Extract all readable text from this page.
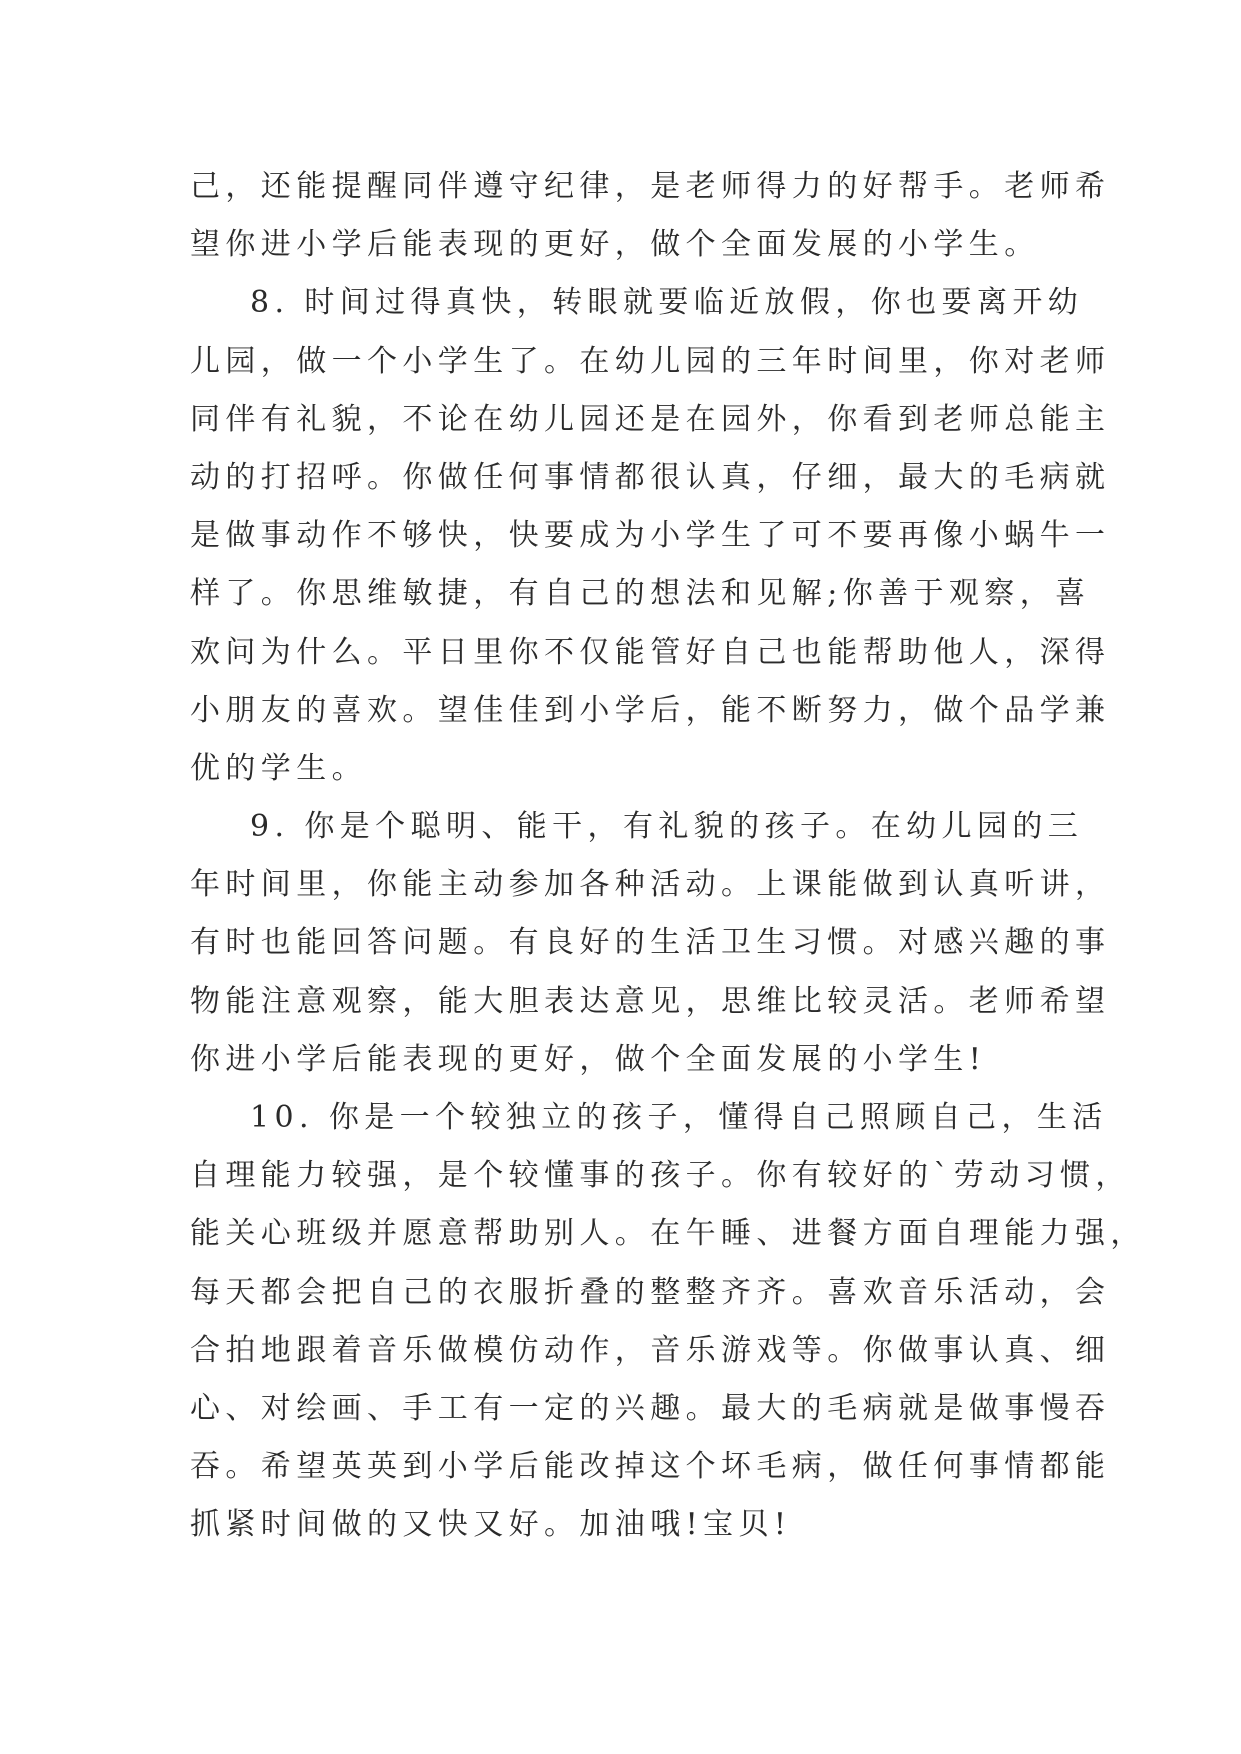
己，还能提醒同伴遵守纪律，是老师得力的好帮手。老师希
望你进小学后能表现的更好，做个全面发展的小学生。
8. 时间过得真快，转眼就要临近放假，你也要离开幼
儿园，做一个小学生了。在幼儿园的三年时间里，你对老师
同伴有礼貌，不论在幼儿园还是在园外，你看到老师总能主
动的打招呼。你做任何事情都很认真，仔细，最大的毛病就
是做事动作不够快，快要成为小学生了可不要再像小蜗牛一
样了。你思维敏捷，有自己的想法和见解;你善于观察，喜
欢问为什么。平日里你不仅能管好自己也能帮助他人，深得
小朋友的喜欢。望佳佳到小学后，能不断努力，做个品学兼
优的学生。
9. 你是个聪明、能干，有礼貌的孩子。在幼儿园的三
年时间里，你能主动参加各种活动。上课能做到认真听讲，
有时也能回答问题。有良好的生活卫生习惯。对感兴趣的事
物能注意观察，能大胆表达意见，思维比较灵活。老师希望
你进小学后能表现的更好，做个全面发展的小学生!
10. 你是一个较独立的孩子，懂得自己照顾自己，生活
自理能力较强，是个较懂事的孩子。你有较好的`劳动习惯，
能关心班级并愿意帮助别人。在午睡、进餐方面自理能力强，
每天都会把自己的衣服折叠的整整齐齐。喜欢音乐活动，会
合拍地跟着音乐做模仿动作，音乐游戏等。你做事认真、细
心、对绘画、手工有一定的兴趣。最大的毛病就是做事慢吞
吞。希望英英到小学后能改掉这个坏毛病，做任何事情都能
抓紧时间做的又快又好。加油哦!宝贝!
